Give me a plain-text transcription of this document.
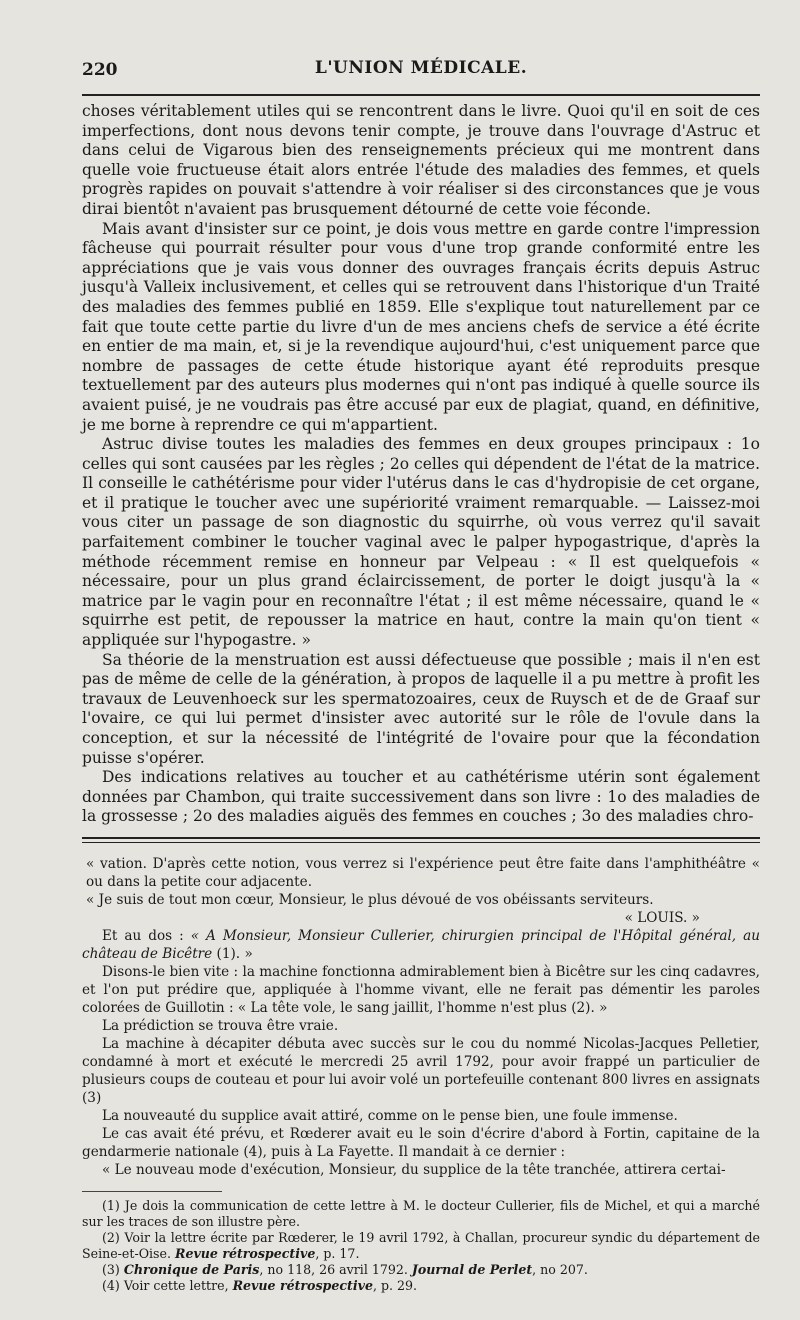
220	L'UNION MÉDICALE.

choses véritablement utiles qui se rencontrent dans le livre. Quoi qu'il en soit de ces imperfections, dont nous devons tenir compte, je trouve dans l'ouvrage d'Astruc et dans celui de Vigarous bien des renseignements précieux qui me montrent dans quelle voie fructueuse était alors entrée l'étude des maladies des femmes, et quels progrès rapides on pouvait s'attendre à voir réaliser si des circonstances que je vous dirai bientôt n'avaient pas brusquement détourné de cette voie féconde.

Mais avant d'insister sur ce point, je dois vous mettre en garde contre l'impression fâcheuse qui pourrait résulter pour vous d'une trop grande conformité entre les appréciations que je vais vous donner des ouvrages français écrits depuis Astruc jusqu'à Valleix inclusivement, et celles qui se retrouvent dans l'historique d'un Traité des maladies des femmes publié en 1859. Elle s'explique tout naturellement par ce fait que toute cette partie du livre d'un de mes anciens chefs de service a été écrite en entier de ma main, et, si je la revendique aujourd'hui, c'est uniquement parce que nombre de passages de cette étude historique ayant été reproduits presque textuellement par des auteurs plus modernes qui n'ont pas indiqué à quelle source ils avaient puisé, je ne voudrais pas être accusé par eux de plagiat, quand, en définitive, je me borne à reprendre ce qui m'appartient.

Astruc divise toutes les maladies des femmes en deux groupes principaux : 1o celles qui sont causées par les règles ; 2o celles qui dépendent de l'état de la matrice. Il conseille le cathétérisme pour vider l'utérus dans le cas d'hydropisie de cet organe, et il pratique le toucher avec une supériorité vraiment remarquable. — Laissez-moi vous citer un passage de son diagnostic du squirrhe, où vous verrez qu'il savait parfaitement combiner le toucher vaginal avec le palper hypogastrique, d'après la méthode récemment remise en honneur par Velpeau : « Il est quelquefois « nécessaire, pour un plus grand éclaircissement, de porter le doigt jusqu'à la « matrice par le vagin pour en reconnaître l'état ; il est même nécessaire, quand le « squirrhe est petit, de repousser la matrice en haut, contre la main qu'on tient « appliquée sur l'hypogastre. »

Sa théorie de la menstruation est aussi défectueuse que possible ; mais il n'en est pas de même de celle de la génération, à propos de laquelle il a pu mettre à profit les travaux de Leuvenhoeck sur les spermatozoaires, ceux de Ruysch et de de Graaf sur l'ovaire, ce qui lui permet d'insister avec autorité sur le rôle de l'ovule dans la conception, et sur la nécessité de l'intégrité de l'ovaire pour que la fécondation puisse s'opérer.

Des indications relatives au toucher et au cathétérisme utérin sont également données par Chambon, qui traite successivement dans son livre : 1o des maladies de la grossesse ; 2o des maladies aiguës des femmes en couches ; 3o des maladies chro-

« vation. D'après cette notion, vous verrez si l'expérience peut être faite dans l'amphithéâtre « ou dans la petite cour adjacente.

« Je suis de tout mon cœur, Monsieur, le plus dévoué de vos obéissants serviteurs.

« LOUIS. »

Et au dos : « A Monsieur, Monsieur Cullerier, chirurgien principal de l'Hôpital général, au château de Bicêtre (1). »

Disons-le bien vite : la machine fonctionna admirablement bien à Bicêtre sur les cinq cadavres, et l'on put prédire que, appliquée à l'homme vivant, elle ne ferait pas démentir les paroles colorées de Guillotin : « La tête vole, le sang jaillit, l'homme n'est plus (2). »

La prédiction se trouva être vraie.

La machine à décapiter débuta avec succès sur le cou du nommé Nicolas-Jacques Pelletier, condamné à mort et exécuté le mercredi 25 avril 1792, pour avoir frappé un particulier de plusieurs coups de couteau et pour lui avoir volé un portefeuille contenant 800 livres en assignats (3)

La nouveauté du supplice avait attiré, comme on le pense bien, une foule immense.

Le cas avait été prévu, et Rœderer avait eu le soin d'écrire d'abord à Fortin, capitaine de la gendarmerie nationale (4), puis à La Fayette. Il mandait à ce dernier :

« Le nouveau mode d'exécution, Monsieur, du supplice de la tête tranchée, attirera certai-

(1) Je dois la communication de cette lettre à M. le docteur Cullerier, fils de Michel, et qui a marché sur les traces de son illustre père.

(2) Voir la lettre écrite par Rœderer, le 19 avril 1792, à Challan, procureur syndic du département de Seine-et-Oise. Revue rétrospective, p. 17.

(3) Chronique de Paris, no 118, 26 avril 1792. Journal de Perlet, no 207.

(4) Voir cette lettre, Revue rétrospective, p. 29.
